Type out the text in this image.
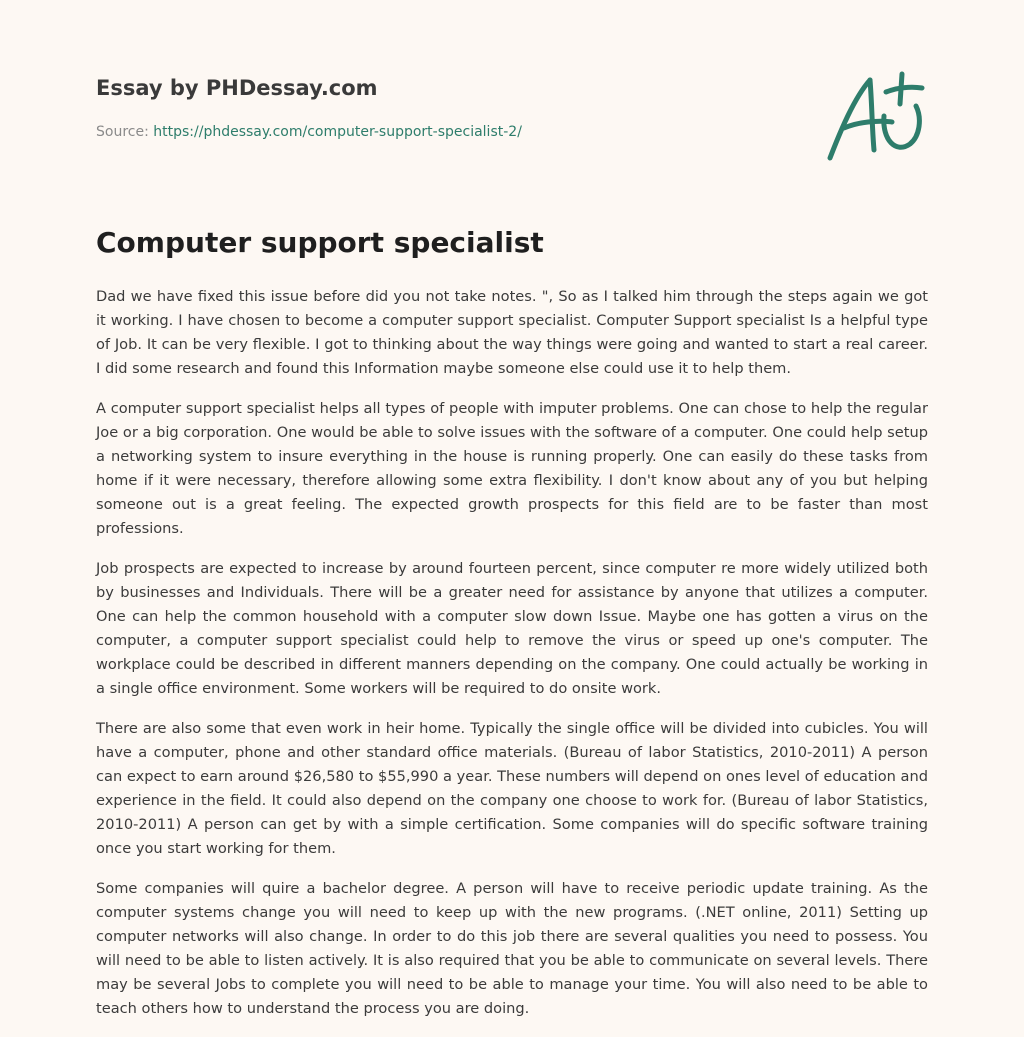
Essay by PHDessay.com
Source: https://phdessay.com/computer-support-specialist-2/
Computer support specialist

Dad we have fixed this issue before did you not take notes. ", So as I talked him through the steps again we got it working. I have chosen to become a computer support specialist. Computer Support specialist Is a helpful type of Job. It can be very flexible. I got to thinking about the way things were going and wanted to start a real career. I did some research and found this Information maybe someone else could use it to help them.

A computer support specialist helps all types of people with imputer problems. One can chose to help the regular Joe or a big corporation. One would be able to solve issues with the software of a computer. One could help setup a networking system to insure everything in the house is running properly. One can easily do these tasks from home if it were necessary, therefore allowing some extra flexibility. I don't know about any of you but helping someone out is a great feeling. The expected growth prospects for this field are to be faster than most professions.

Job prospects are expected to increase by around fourteen percent, since computer re more widely utilized both by businesses and Individuals. There will be a greater need for assistance by anyone that utilizes a computer. One can help the common household with a computer slow down Issue. Maybe one has gotten a virus on the computer, a computer support specialist could help to remove the virus or speed up one's computer. The workplace could be described in different manners depending on the company. One could actually be working in a single office environment. Some workers will be required to do onsite work.

There are also some that even work in heir home. Typically the single office will be divided into cubicles. You will have a computer, phone and other standard office materials. (Bureau of labor Statistics, 2010-2011) A person can expect to earn around $26,580 to $55,990 a year. These numbers will depend on ones level of education and experience in the field. It could also depend on the company one choose to work for. (Bureau of labor Statistics, 2010-2011) A person can get by with a simple certification. Some companies will do specific software training once you start working for them.

Some companies will quire a bachelor degree. A person will have to receive periodic update training. As the computer systems change you will need to keep up with the new programs. (.NET online, 2011) Setting up computer networks will also change. In order to do this job there are several qualities you need to possess. You will need to be able to listen actively. It is also required that you be able to communicate on several levels. There may be several Jobs to complete you will need to be able to manage your time. You will also need to be able to teach others how to understand the process you are doing.
